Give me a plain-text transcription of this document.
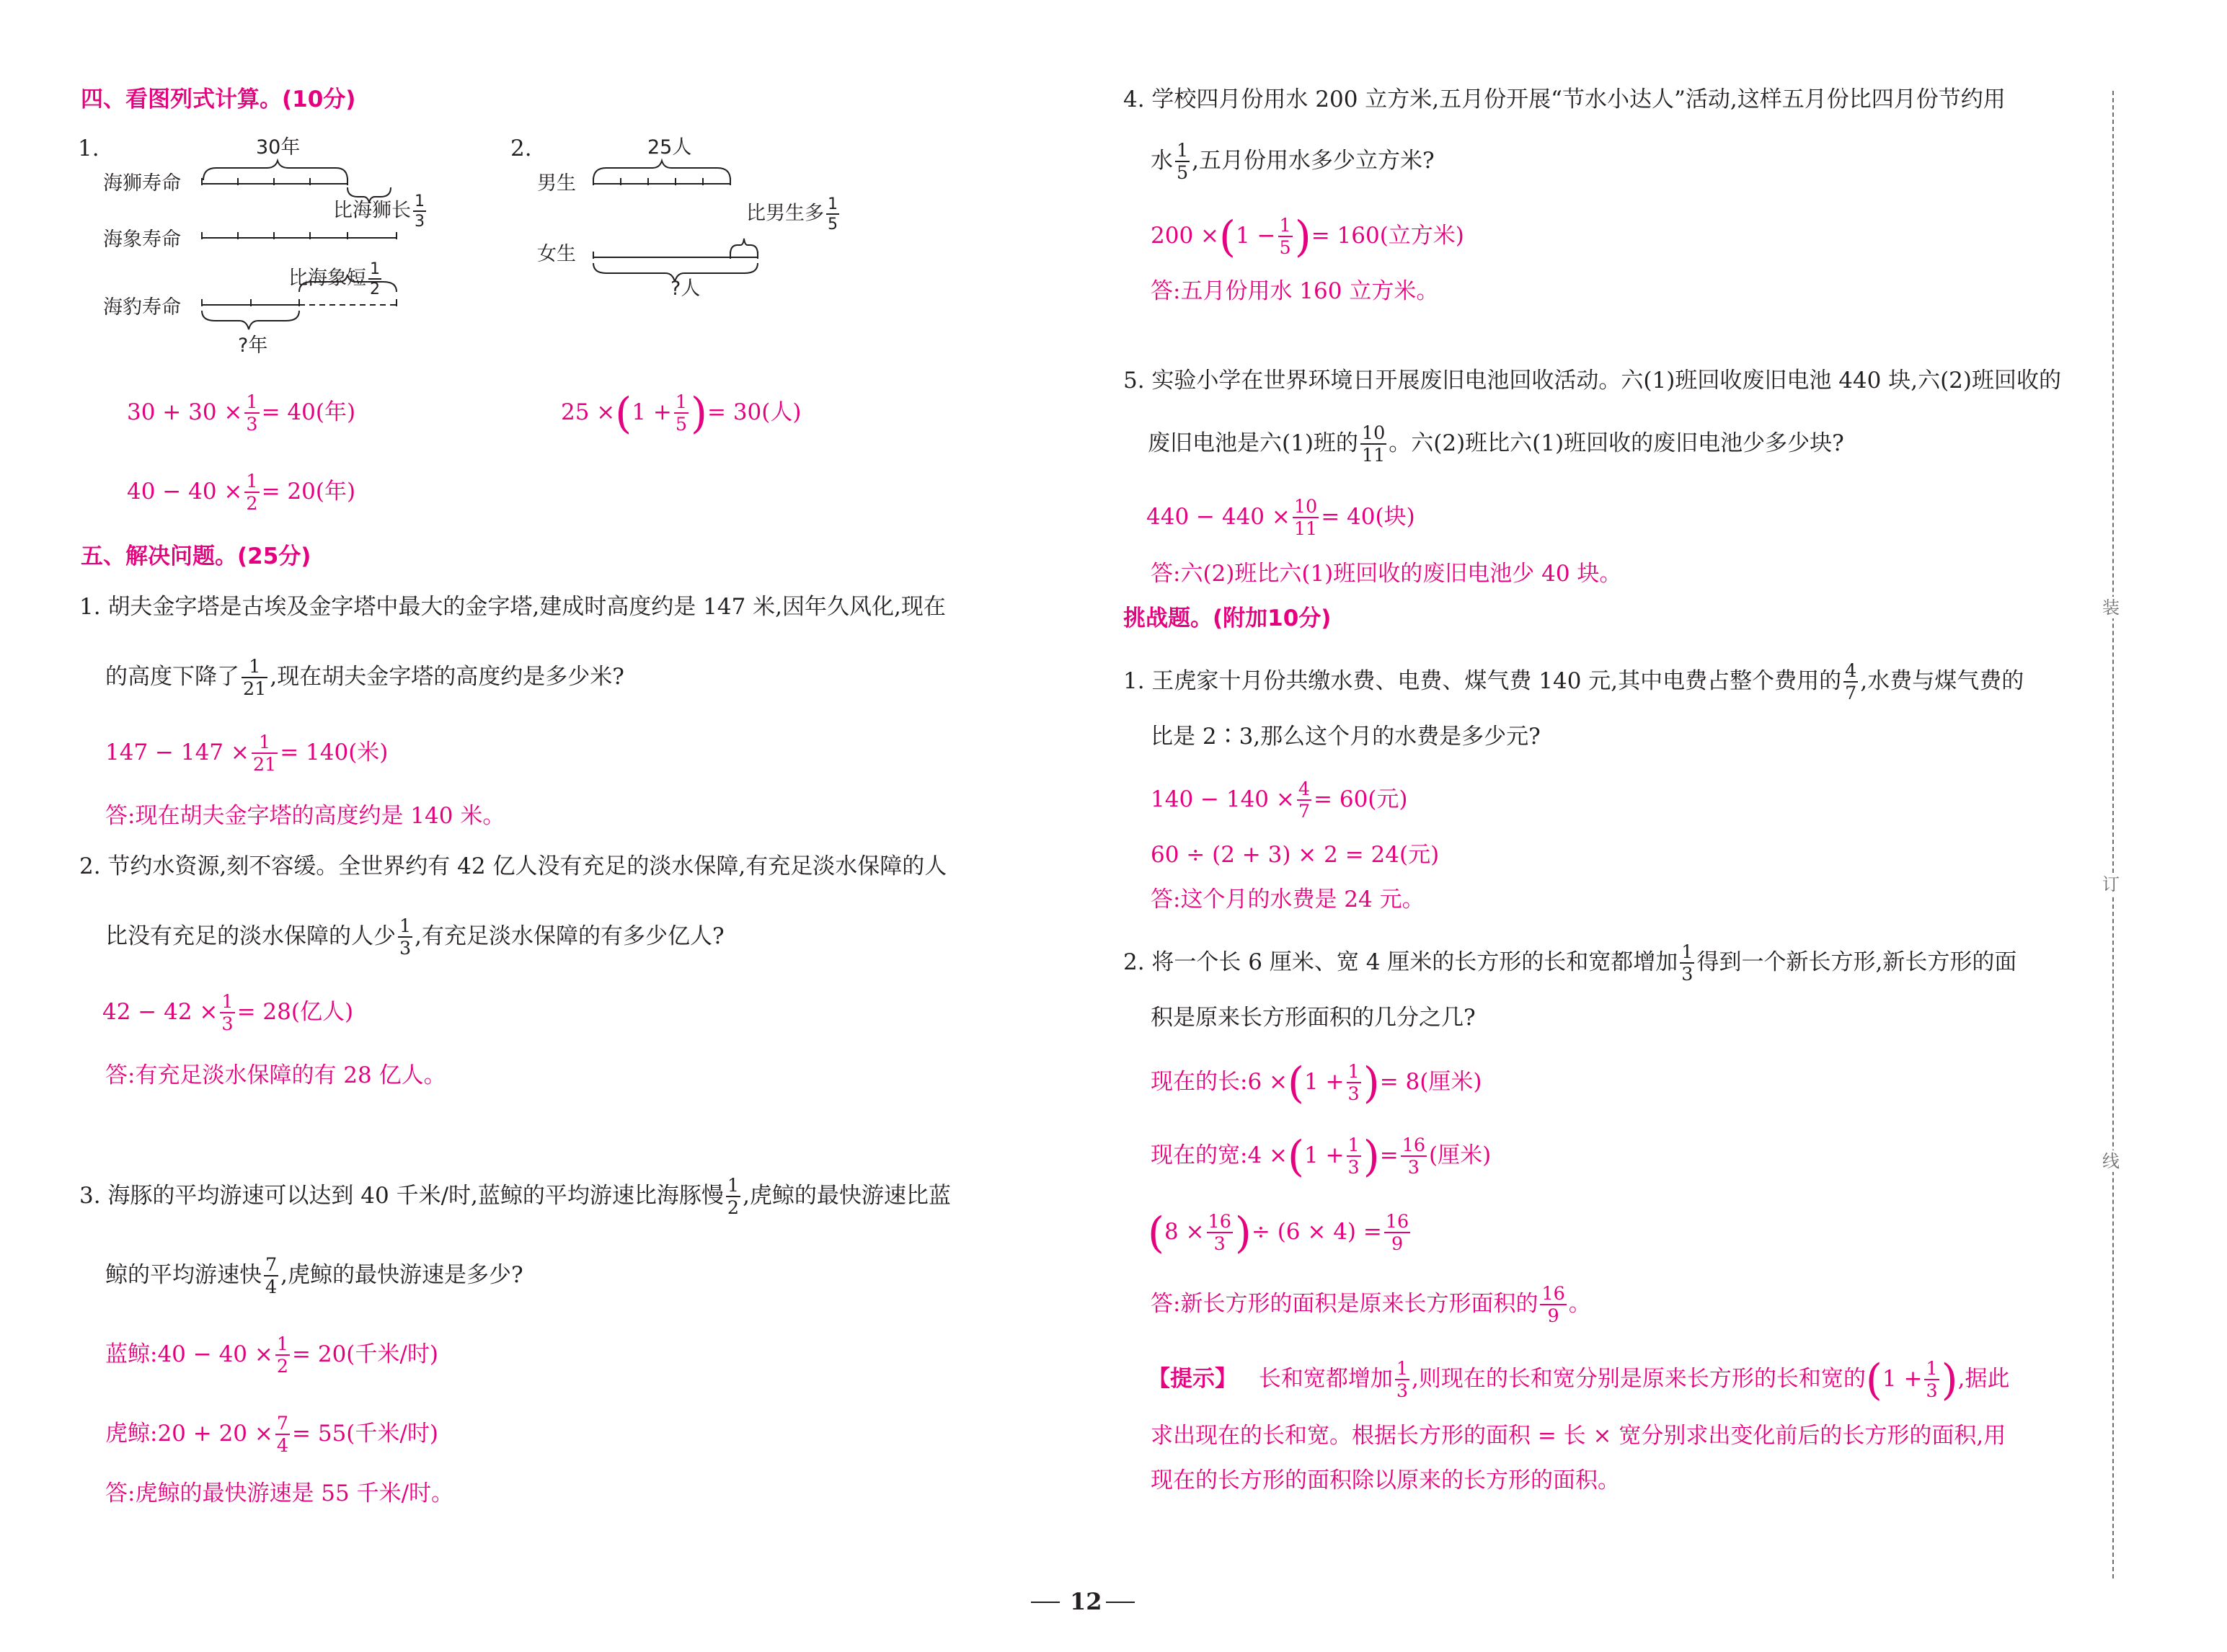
四、看图列式计算。(10分)
1.	30年
海狮寿命
海象寿命
海豹寿命
比海狮长 $\frac{1}{3}$
比海象短 $\frac{1}{2}$
?年
2.	25人
男生
女生
比男生多 $\frac{1}{5}$
?人
$30 + 30 \times \frac{1}{3} = 40$(年)
$40 - 40 \times \frac{1}{2} = 20$(年)
$25 \times(1 + \frac{1}{5}$ )= 30(人)
五、解决问题。(25分)
1. 胡夫金字塔是古埃及金字塔中最大的金字塔,建成时高度约是 147 米,因年久风化,现在
的高度下降了 $\frac{1}{21}$ ,现在胡夫金字塔的高度约是多少米?
$147 - 147 \times \frac{1}{21} = 140$(米)
答:现在胡夫金字塔的高度约是 140 米。
2. 节约水资源,刻不容缓。全世界约有 42 亿人没有充足的淡水保障,有充足淡水保障的人
比没有充足的淡水保障的人少 $\frac{1}{3}$ ,有充足淡水保障的有多少亿人?
$42 - 42 \times \frac{1}{3} = 28$(亿人)
答:有充足淡水保障的有 28 亿人。
3. 海豚的平均游速可以达到 40 千米/时,蓝鲸的平均游速比海豚慢 $\frac{1}{2}$ ,虎鲸的最快游速比蓝
鲸的平均游速快 $\frac{7}{4}$ ,虎鲸的最快游速是多少?
蓝鲸:40 − $40 \times \frac{1}{2} = 20$(千米/时)
虎鲸:20 + $20 \times \frac{7}{4} = 55$(千米/时)
答:虎鲸的最快游速是 55 千米/时。
4. 学校四月份用水 200 立方米,五月份开展“节水小达人”活动,这样五月份比四月份节约用
水 $\frac{1}{5}$ ,五月份用水多少立方米?
$200 \times(1 - \frac{1}{5}$ )= 160(立方米)
答:五月份用水 160 立方米。
5. 实验小学在世界环境日开展废旧电池回收活动。六(1)班回收废旧电池 440 块,六(2)班回收的
废旧电池是六(1)班的 $\frac{10}{11}$ 。六(2)班比六(1)班回收的废旧电池少多少块?
$440 - 440 \times \frac{10}{11} = 40$(块)
答:六(2)班比六(1)班回收的废旧电池少 40 块。
挑战题。(附加10分)
1. 王虎家十月份共缴水费、电费、煤气费 140 元,其中电费占整个费用的 $\frac{4}{7}$ ,水费与煤气费的
比是 2∶3,那么这个月的水费是多少元?
$140 - 140 \times \frac{4}{7} = 60$(元)
60 ÷ (2 + 3) × 2 = 24(元)
答:这个月的水费是 24 元。
2. 将一个长 6 厘米、宽 4 厘米的长方形的长和宽都增加 $\frac{1}{3}$ 得到一个新长方形,新长方形的面
积是原来长方形面积的几分之几?
现在的长:6 $\times(1 + \frac{1}{3}$ )= 8(厘米)
现在的宽:4 $\times(1 + \frac{1}{3}$ )= $\frac{16}{3}$ (厘米)
($8 \times \frac{16}{3}$ )÷ $(6 \times 4) = \frac{16}{9}$
答:新长方形的面积是原来长方形面积的 $\frac{16}{9}$ 。
【提示】 长和宽都增加 $\frac{1}{3}$ ,则现在的长和宽分别是原来长方形的长和宽的($1 + \frac{1}{3}$ ),据此
求出现在的长和宽。根据长方形的面积 = 长 × 宽分别求出变化前后的长方形的面积,用
现在的长方形的面积除以原来的长方形的面积。
装
订
线
12
